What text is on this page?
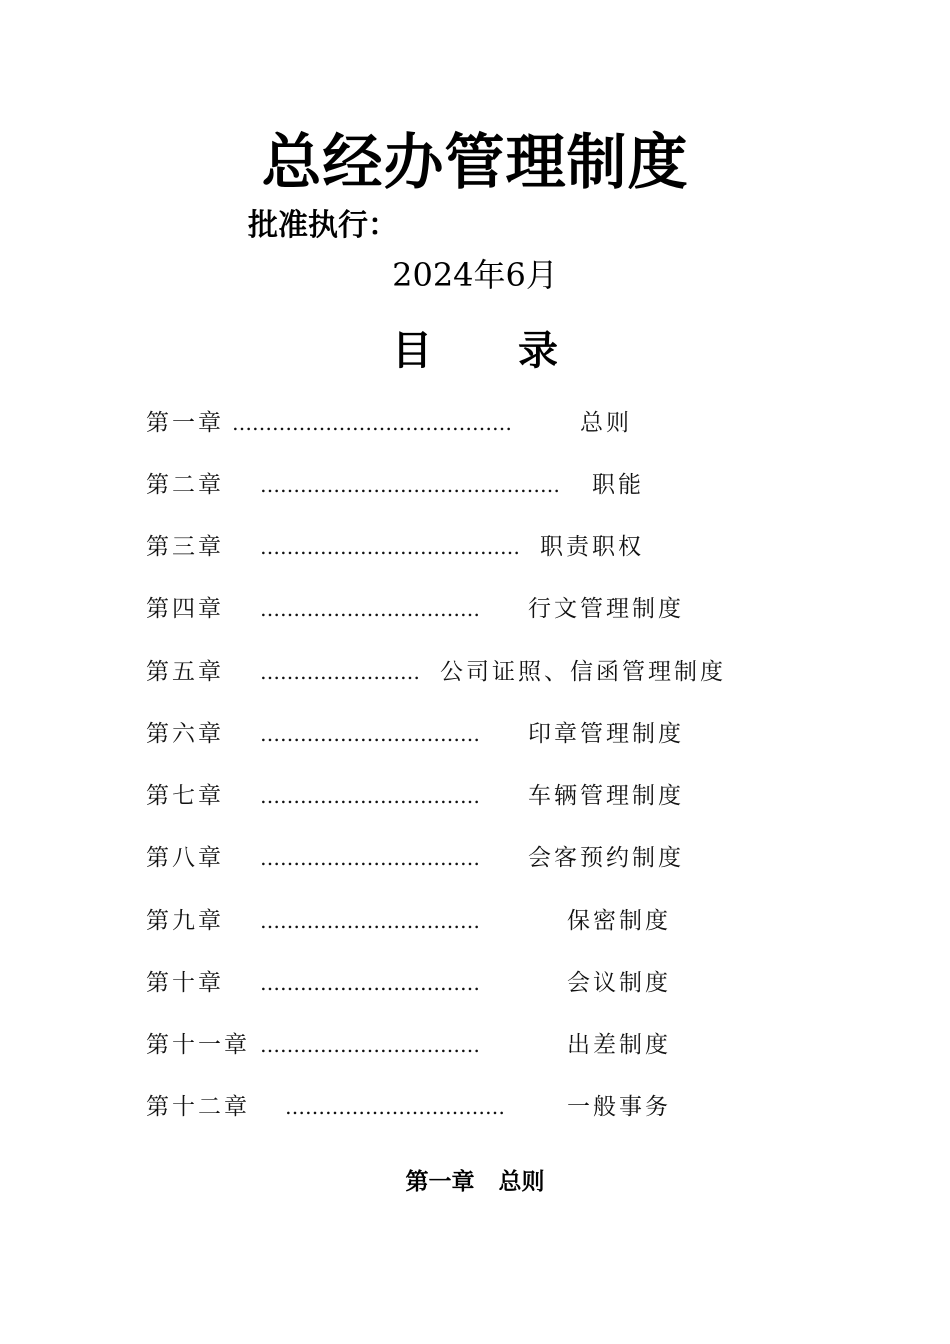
总经办管理制度
批准执行：
2024年6月
目 录
第一章 ……………………………………	总则
第二章 ……………………………………… 职能
第三章 ………………………………… 职责职权
第四章 …………………………… 行文管理制度
第五章 …………………… 公司证照、信函管理制度
第六章 …………………………… 印章管理制度
第七章 …………………………… 车辆管理制度
第八章 …………………………… 会客预约制度
第九章 ……………………………	保密制度
第十章 ……………………………	会议制度
第十一章 ……………………………	出差制度
第十二章 ……………………………	一般事务
第一章 总则
